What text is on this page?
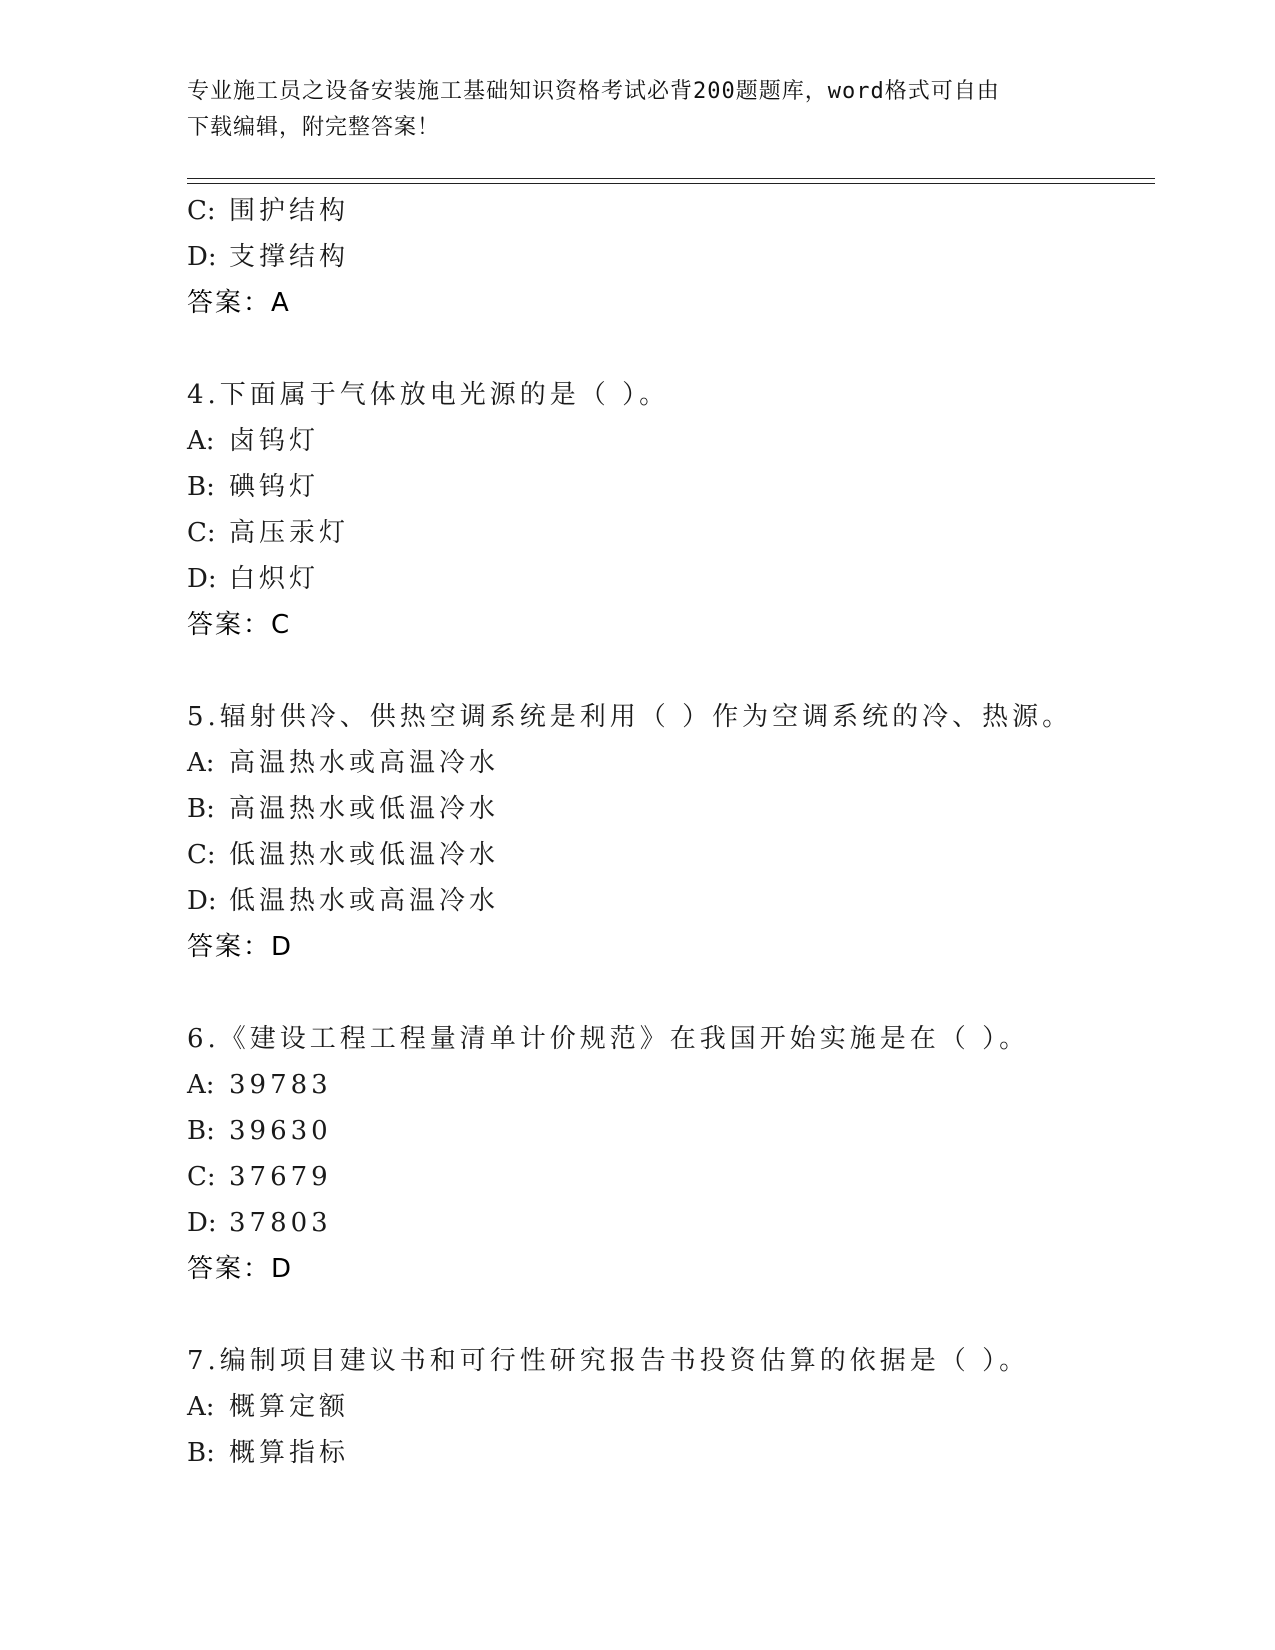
专业施工员之设备安装施工基础知识资格考试必背200题题库，word格式可自由
下载编辑，附完整答案！
C: 围护结构
D: 支撑结构
答案：A
4.下面属于气体放电光源的是（ ）。
A: 卤钨灯
B: 碘钨灯
C: 高压汞灯
D: 白炽灯
答案：C
5.辐射供冷、供热空调系统是利用（ ）作为空调系统的冷、热源。
A: 高温热水或高温冷水
B: 高温热水或低温冷水
C: 低温热水或低温冷水
D: 低温热水或高温冷水
答案：D
6.《建设工程工程量清单计价规范》在我国开始实施是在（ ）。
A: 39783
B: 39630
C: 37679
D: 37803
答案：D
7.编制项目建议书和可行性研究报告书投资估算的依据是（ ）。
A: 概算定额
B: 概算指标
